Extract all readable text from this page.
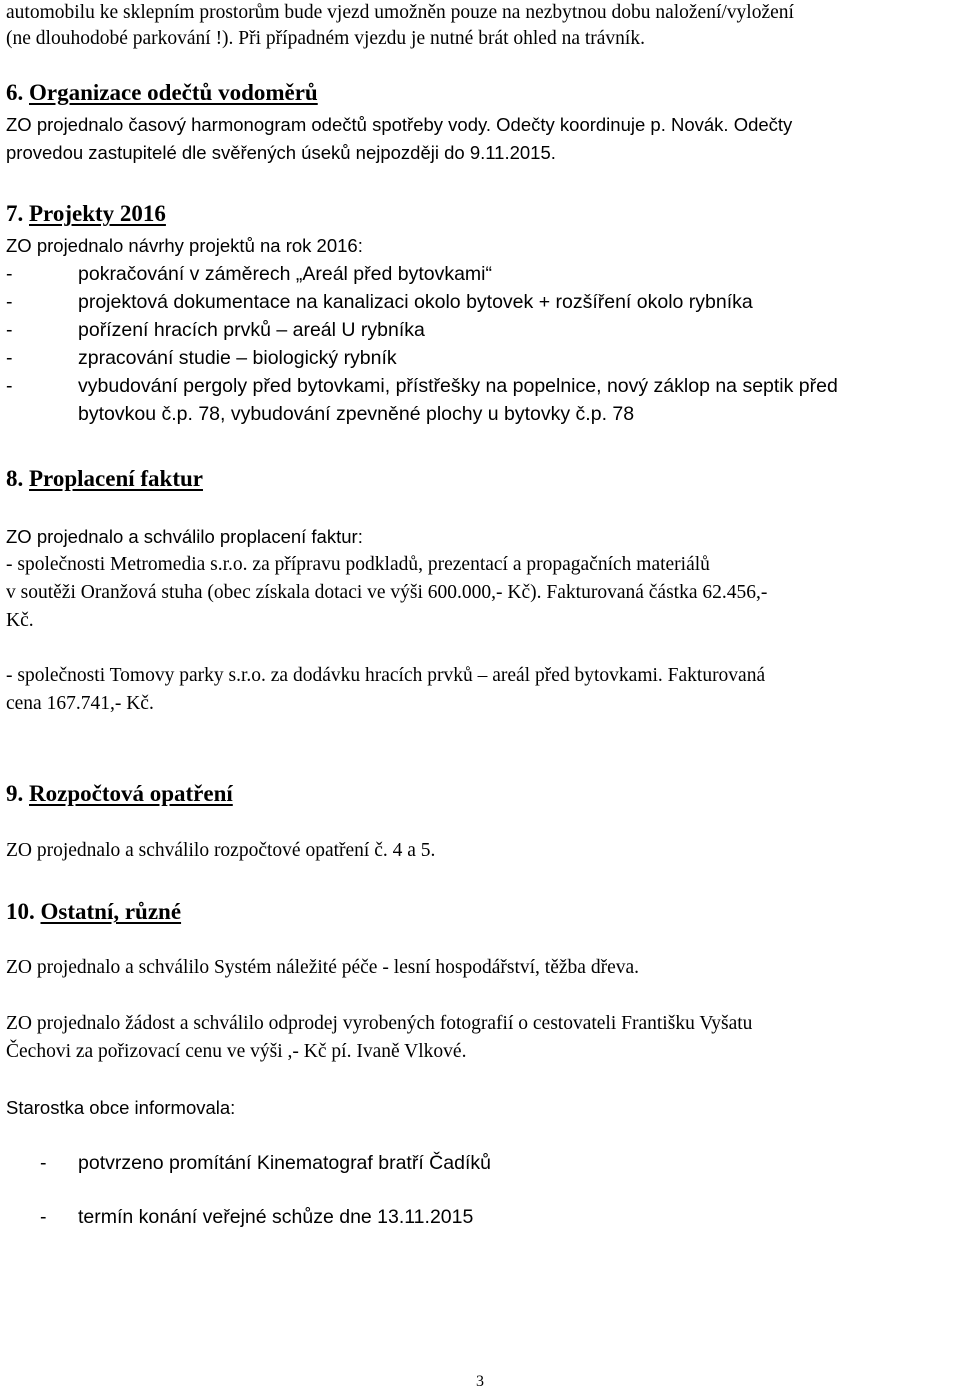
automobilu ke sklepním prostorům bude vjezd umožněn pouze na nezbytnou dobu naložení/vyložení
(ne dlouhodobé parkování !). Při případném vjezdu je nutné brát ohled na trávník.
6. Organizace odečtů vodoměrů
ZO projednalo časový harmonogram odečtů spotřeby vody. Odečty koordinuje p. Novák. Odečty
provedou zastupitelé dle svěřených úseků nejpozději do 9.11.2015.
7. Projekty 2016
ZO projednalo návrhy projektů na rok 2016:
-	pokračování v záměrech „Areál před bytovkami“
-	projektová dokumentace na kanalizaci okolo bytovek + rozšíření okolo rybníka
-	pořízení hracích prvků – areál U rybníka
-	zpracování studie – biologický rybník
-	vybudování pergoly před bytovkami, přístřešky na popelnice, nový záklop na septik před
bytovkou č.p. 78, vybudování zpevněné plochy u bytovky č.p. 78
8. Proplacení faktur
ZO projednalo a schválilo proplacení faktur:
- společnosti Metromedia s.r.o. za přípravu podkladů, prezentací a propagačních materiálů
v soutěži Oranžová stuha (obec získala dotaci ve výši 600.000,- Kč). Fakturovaná částka 62.456,-
Kč.
- společnosti Tomovy parky s.r.o. za dodávku hracích prvků – areál před bytovkami. Fakturovaná
cena 167.741,- Kč.
9. Rozpočtová opatření
ZO projednalo a schválilo rozpočtové opatření č. 4 a 5.
10. Ostatní, různé
ZO projednalo a schválilo Systém náležité péče - lesní hospodářství, těžba dřeva.
ZO projednalo žádost a schválilo odprodej vyrobených fotografií o cestovateli Františku Vyšatu
Čechovi za pořizovací cenu ve výši ,- Kč pí. Ivaně Vlkové.
Starostka obce informovala:
- potvrzeno promítání Kinematograf bratří Čadíků
- termín konání veřejné schůze dne 13.11.2015
3
